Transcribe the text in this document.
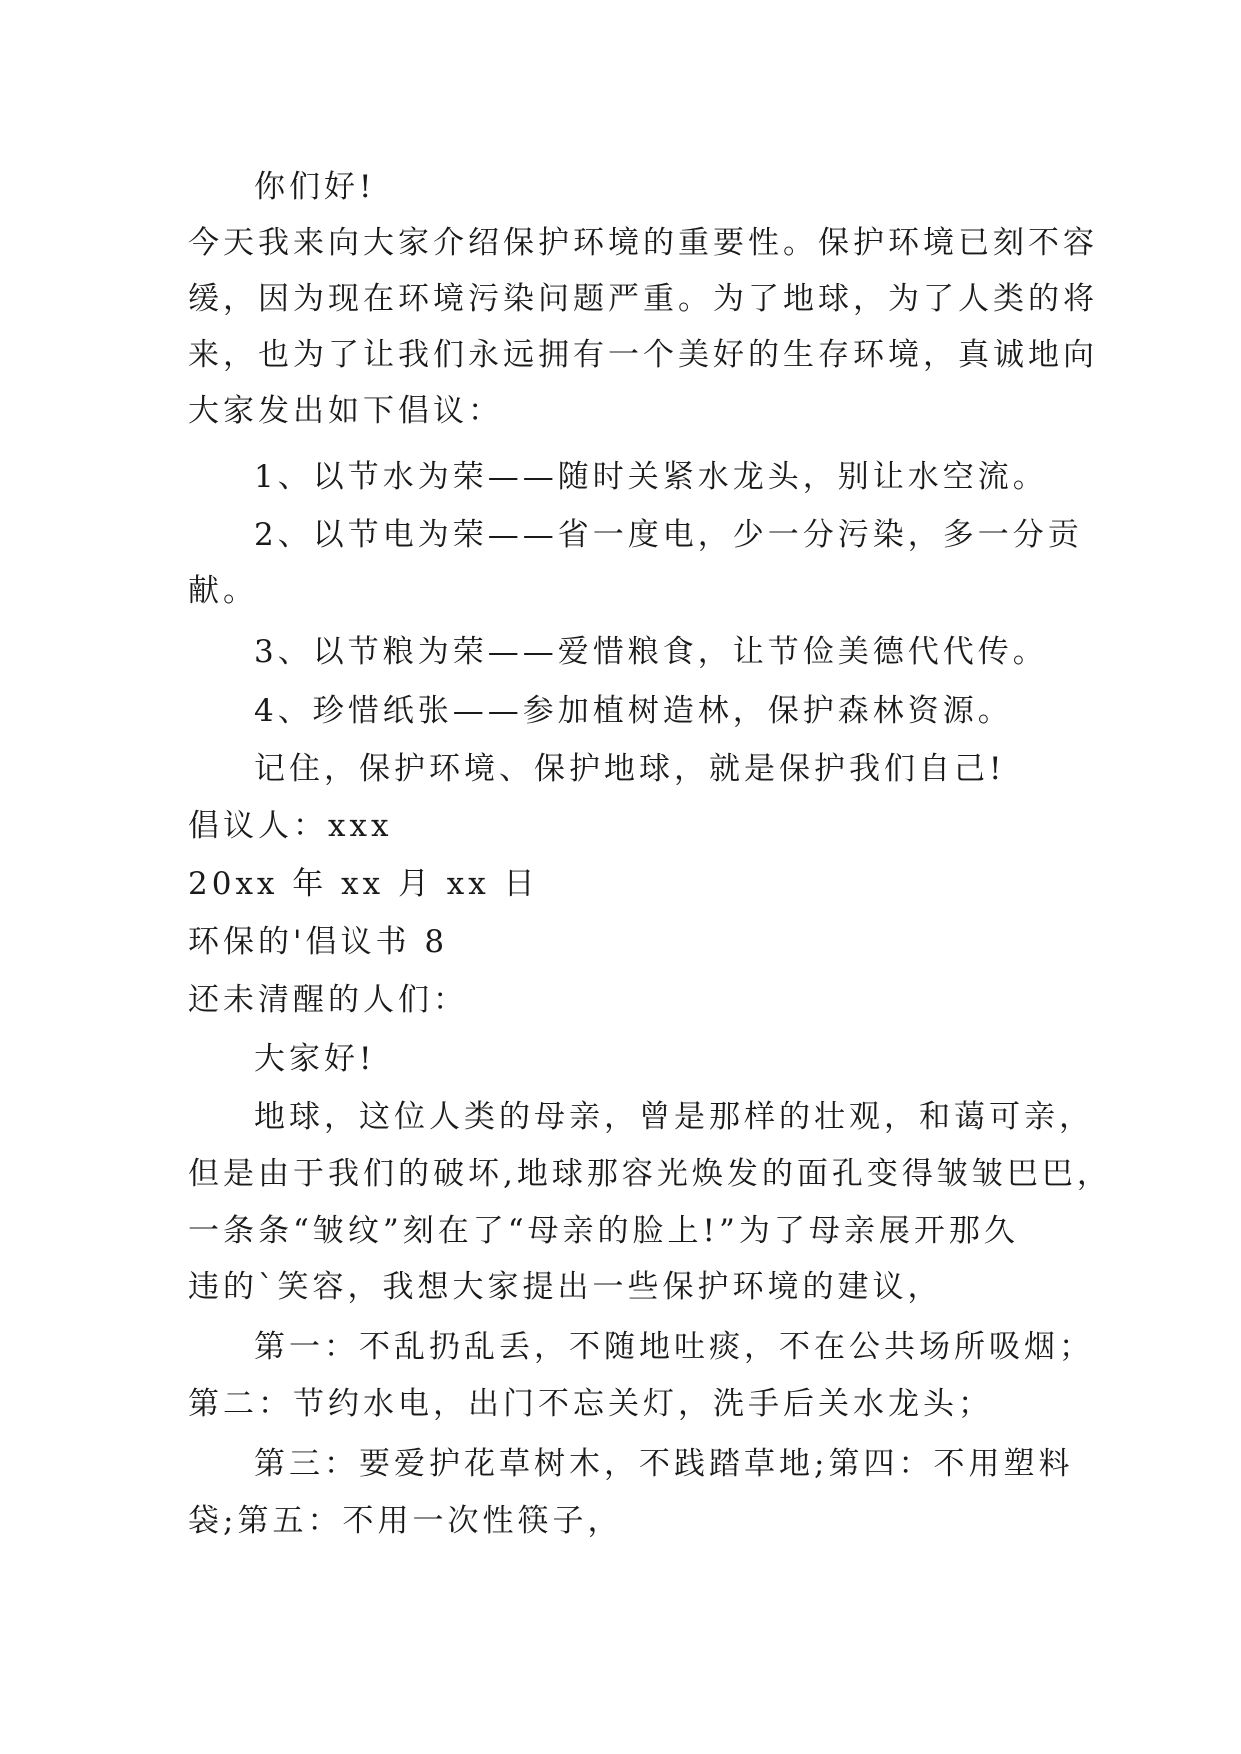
你们好!
今天我来向大家介绍保护环境的重要性。保护环境已刻不容
缓，因为现在环境污染问题严重。为了地球，为了人类的将
来，也为了让我们永远拥有一个美好的生存环境，真诚地向
大家发出如下倡议：
1、以节水为荣——随时关紧水龙头，别让水空流。
2、以节电为荣——省一度电，少一分污染，多一分贡
献。
3、以节粮为荣——爱惜粮食，让节俭美德代代传。
4、珍惜纸张——参加植树造林，保护森林资源。
记住，保护环境、保护地球，就是保护我们自己!
倡议人：xxx
20xx 年 xx 月 xx 日
环保的'倡议书 8
还未清醒的人们：
大家好!
地球，这位人类的母亲，曾是那样的壮观，和蔼可亲，
但是由于我们的破坏,地球那容光焕发的面孔变得皱皱巴巴，
一条条“皱纹”刻在了“母亲的脸上!”为了母亲展开那久
违的`笑容，我想大家提出一些保护环境的建议，
第一：不乱扔乱丢，不随地吐痰，不在公共场所吸烟；
第二：节约水电，出门不忘关灯，洗手后关水龙头；
第三：要爱护花草树木，不践踏草地;第四：不用塑料
袋;第五：不用一次性筷子，
